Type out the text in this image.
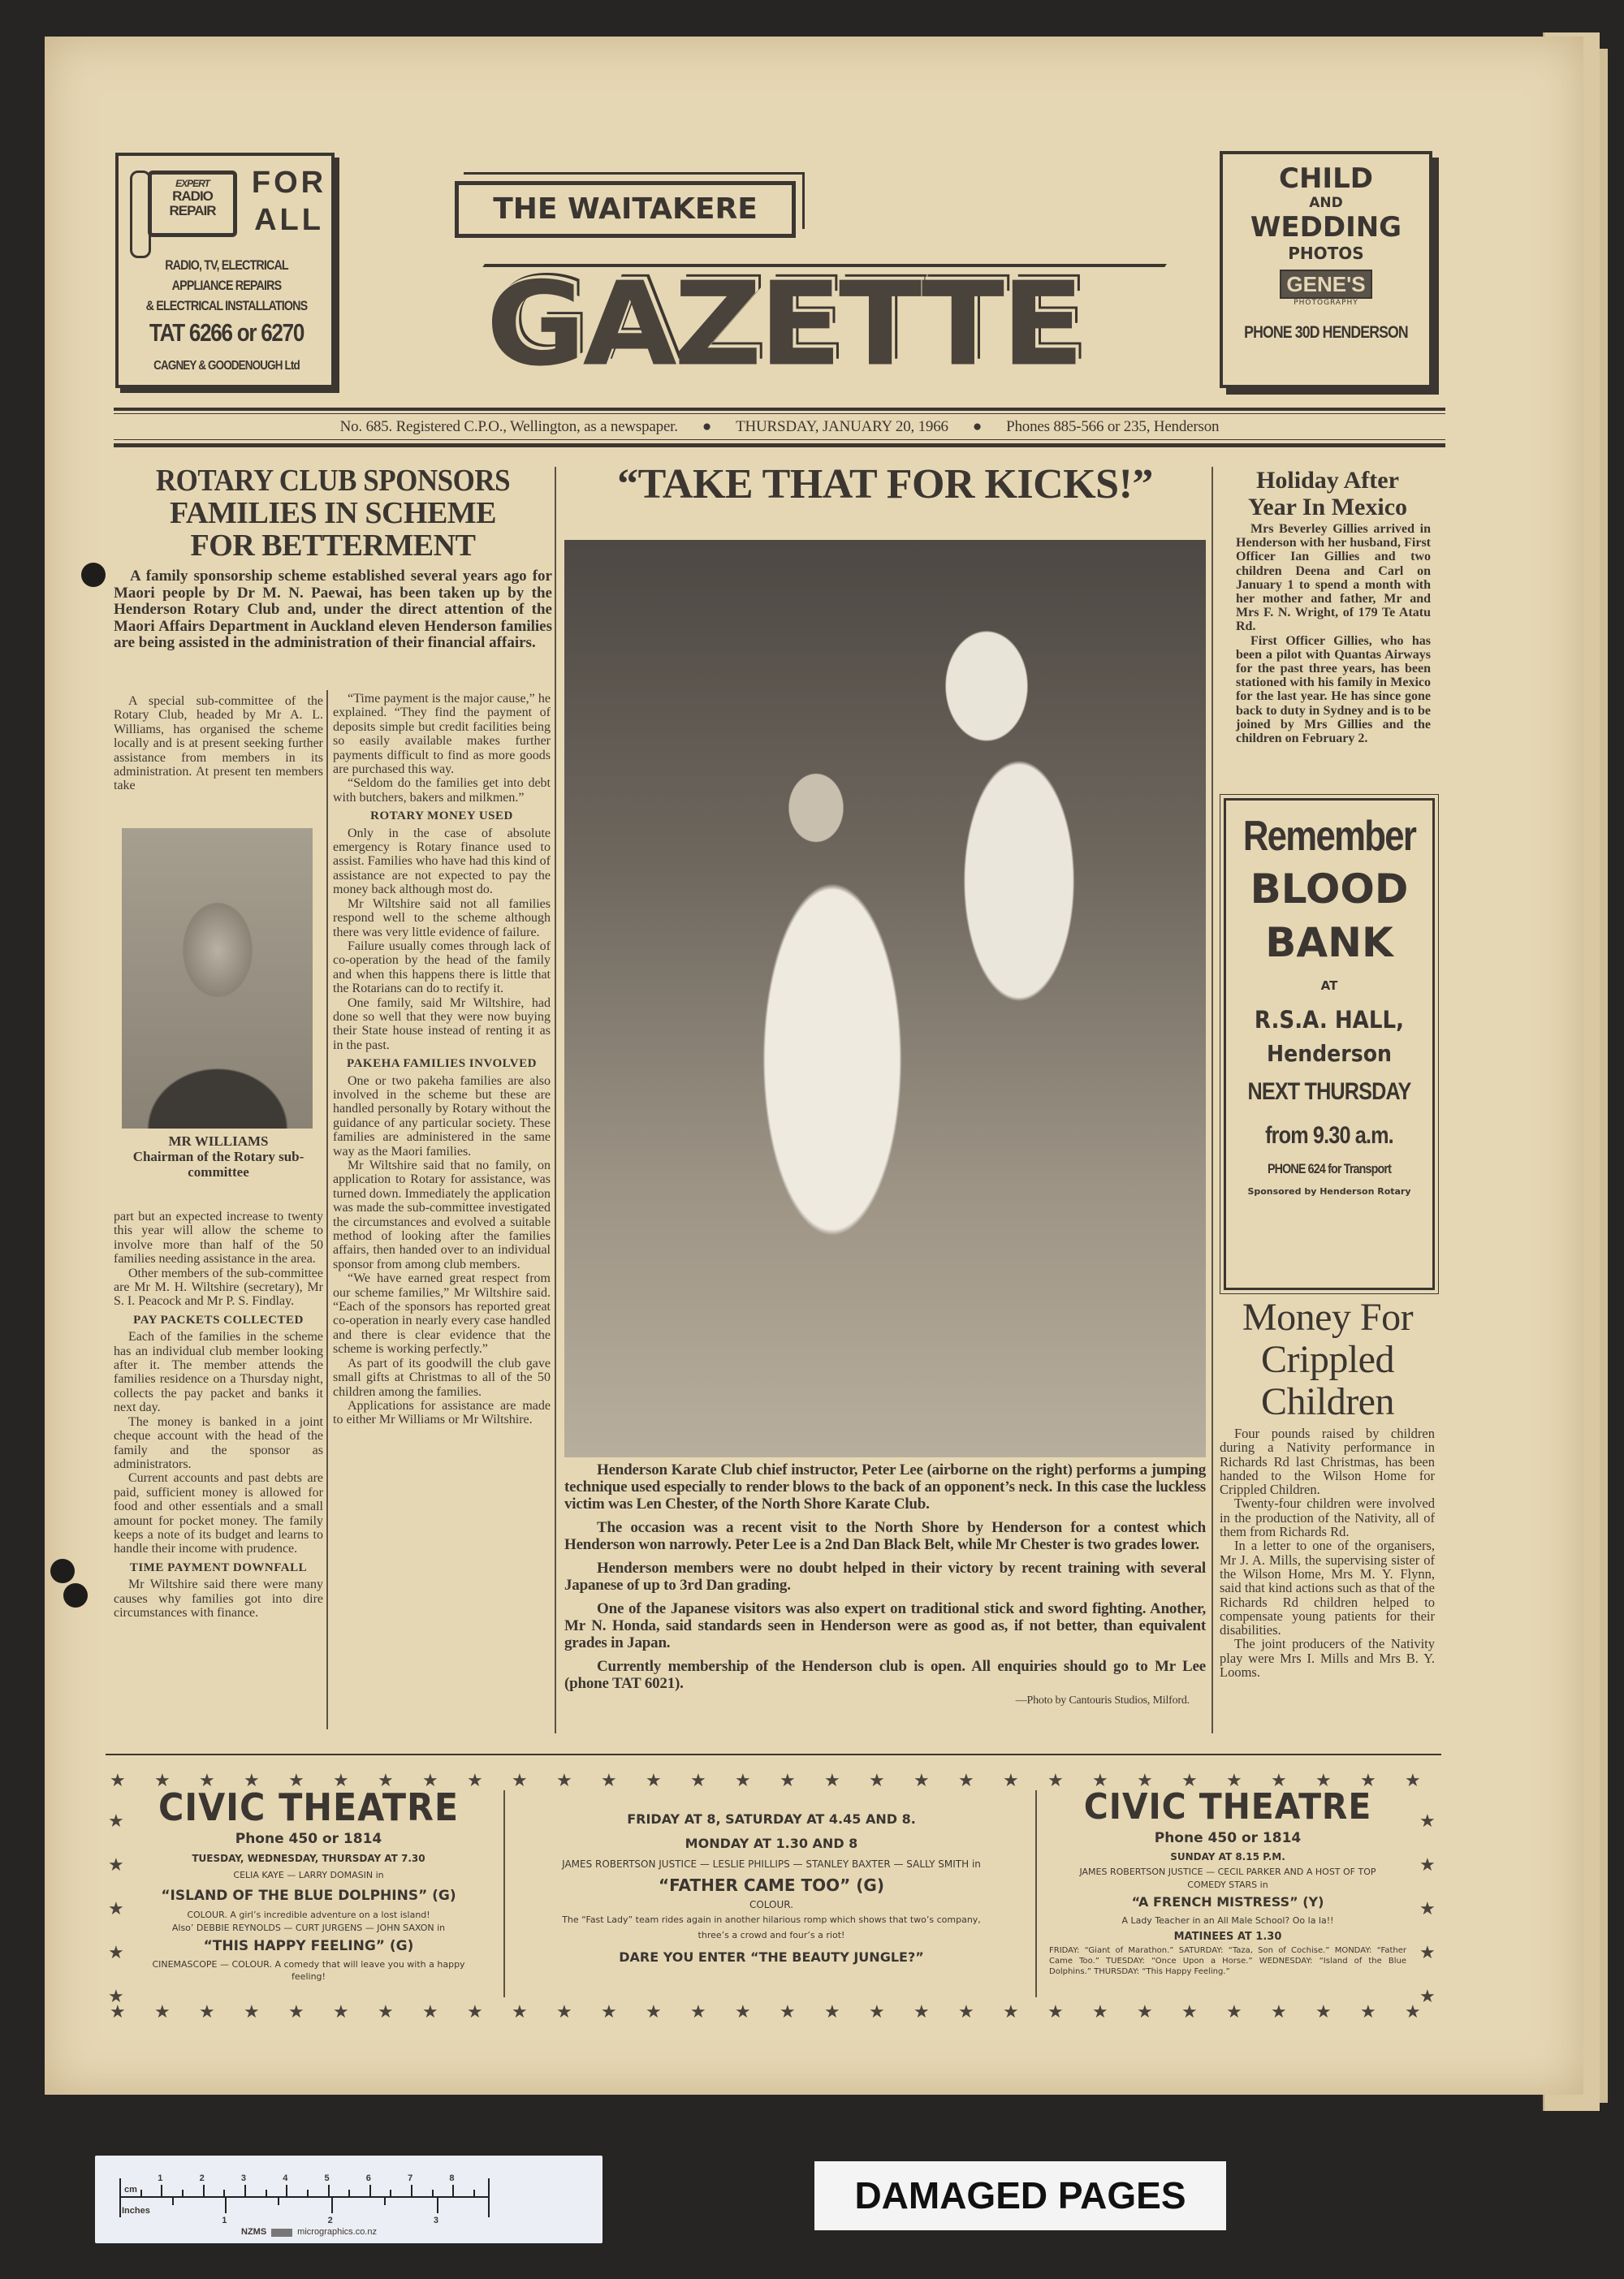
EXPERT
RADIO
REPAIR
FOR
ALL
RADIO, TV, ELECTRICAL
APPLIANCE REPAIRS
& ELECTRICAL INSTALLATIONS
TAT 6266 or 6270
CAGNEY & GOODENOUGH Ltd
THE WAITAKERE
GAZETTE
CHILD
AND
WEDDING
PHOTOS
GENE'S
PHOTOGRAPHY
PHONE 30D HENDERSON
No. 685. Registered C.P.O., Wellington, as a newspaper. ● THURSDAY, JANUARY 20, 1966 ● Phones 885-566 or 235, Henderson
ROTARY CLUB SPONSORS
FAMILIES IN SCHEME
FOR BETTERMENT
A family sponsorship scheme established several years ago for Maori people by Dr M. N. Paewai, has been taken up by the Henderson Rotary Club and, under the direct attention of the Maori Affairs Department in Auckland eleven Henderson families are being assisted in the administration of their financial affairs.

A special sub-committee of the Rotary Club, headed by Mr A. L. Williams, has organised the scheme locally and is at present seeking further assistance from members in its administration. At present ten members take

MR WILLIAMS
Chairman of the Rotary sub-committee

part but an expected increase to twenty this year will allow the scheme to involve more than half of the 50 families needing assistance in the area.

Other members of the sub-committee are Mr M. H. Wiltshire (secretary), Mr S. I. Peacock and Mr P. S. Findlay.

PAY PACKETS COLLECTED

Each of the families in the scheme has an individual club member looking after it. The member attends the families residence on a Thursday night, collects the pay packet and banks it next day.

The money is banked in a joint cheque account with the head of the family and the sponsor as administrators.

Current accounts and past debts are paid, sufficient money is allowed for food and other essentials and a small amount for pocket money. The family keeps a note of its budget and learns to handle their income with prudence.

TIME PAYMENT DOWNFALL

Mr Wiltshire said there were many causes why families got into dire circumstances with finance.

“Time payment is the major cause,” he explained. “They find the payment of deposits simple but credit facilities being so easily available makes further payments difficult to find as more goods are purchased this way.

“Seldom do the families get into debt with butchers, bakers and milkmen.”

ROTARY MONEY USED

Only in the case of absolute emergency is Rotary finance used to assist. Families who have had this kind of assistance are not expected to pay the money back although most do.

Mr Wiltshire said not all families respond well to the scheme although there was very little evidence of failure.

Failure usually comes through lack of co-operation by the head of the family and when this happens there is little that the Rotarians can do to rectify it.

One family, said Mr Wiltshire, had done so well that they were now buying their State house instead of renting it as in the past.

PAKEHA FAMILIES INVOLVED

One or two pakeha families are also involved in the scheme but these are handled personally by Rotary without the guidance of any particular society. These families are administered in the same way as the Maori families.

Mr Wiltshire said that no family, on application to Rotary for assistance, was turned down. Immediately the application was made the sub-committee investigated the circumstances and evolved a suitable method of looking after the families affairs, then handed over to an individual sponsor from among club members.

“We have earned great respect from our scheme families,” Mr Wiltshire said. “Each of the sponsors has reported great co-operation in nearly every case handled and there is clear evidence that the scheme is working perfectly.”

As part of its goodwill the club gave small gifts at Christmas to all of the 50 children among the families.

Applications for assistance are made to either Mr Williams or Mr Wiltshire.

“TAKE THAT FOR KICKS!”

Henderson Karate Club chief instructor, Peter Lee (airborne on the right) performs a jumping technique used especially to render blows to the back of an opponent’s neck. In this case the luckless victim was Len Chester, of the North Shore Karate Club.

The occasion was a recent visit to the North Shore by Henderson for a contest which Henderson won narrowly. Peter Lee is a 2nd Dan Black Belt, while Mr Chester is two grades lower.

Henderson members were no doubt helped in their victory by recent training with several Japanese of up to 3rd Dan grading.

One of the Japanese visitors was also expert on traditional stick and sword fighting. Another, Mr N. Honda, said standards seen in Henderson were as good as, if not better, than equivalent grades in Japan.

Currently membership of the Henderson club is open. All enquiries should go to Mr Lee (phone TAT 6021).

—Photo by Cantouris Studios, Milford.
Holiday After
Year In Mexico

Mrs Beverley Gillies arrived in Henderson with her husband, First Officer Ian Gillies and two children Deena and Carl on January 1 to spend a month with her mother and father, Mr and Mrs F. N. Wright, of 179 Te Atatu Rd.

First Officer Gillies, who has been a pilot with Quantas Airways for the past three years, has been stationed with his family in Mexico for the last year. He has since gone back to duty in Sydney and is to be joined by Mrs Gillies and the children on February 2.

Remember
BLOOD
BANK
AT
R.S.A. HALL,
Henderson
NEXT THURSDAY
from 9.30 a.m.
PHONE 624 for Transport
Sponsored by Henderson Rotary
Money For
Crippled
Children

Four pounds raised by children during a Nativity performance in Richards Rd last Christmas, has been handed to the Wilson Home for Crippled Children.

Twenty-four children were involved in the production of the Nativity, all of them from Richards Rd.

In a letter to one of the organisers, Mr J. A. Mills, the supervising sister of the Wilson Home, Mrs M. Y. Flynn, said that kind actions such as that of the Richards Rd children helped to compensate young patients for their disabilities.

The joint producers of the Nativity play were Mrs I. Mills and Mrs B. Y. Looms.

★
★
★
★
★
★
★
★
★
★
★
★
★
★
★
★
★
★
★
★
★
★
★
★
★
★
★
★
★
★
★
★
★
★
★
★
★
★
★
★
★
★
★
★
★
★
★
★
★
★
★
★
★
★
★
★
★
★
★
★
★	★
★	★
★	★
★	★
★	★
CIVIC THEATRE
Phone 450 or 1814
TUESDAY, WEDNESDAY, THURSDAY AT 7.30
CELIA KAYE — LARRY DOMASIN in
“ISLAND OF THE BLUE DOLPHINS” (G)
COLOUR. A girl’s incredible adventure on a lost island!
Also’ DEBBIE REYNOLDS — CURT JURGENS — JOHN SAXON in
“THIS HAPPY FEELING” (G)
CINEMASCOPE — COLOUR. A comedy that will leave you with a happy feeling!
FRIDAY AT 8, SATURDAY AT 4.45 AND 8.
MONDAY AT 1.30 AND 8
JAMES ROBERTSON JUSTICE — LESLIE PHILLIPS — STANLEY BAXTER — SALLY SMITH in
“FATHER CAME TOO” (G)
COLOUR.
The “Fast Lady” team rides again in another hilarious romp which shows that two’s company, three’s a crowd and four’s a riot!
DARE YOU ENTER “THE BEAUTY JUNGLE?”
CIVIC THEATRE
Phone 450 or 1814
SUNDAY AT 8.15 P.M.
JAMES ROBERTSON JUSTICE — CECIL PARKER AND A HOST OF TOP COMEDY STARS in
“A FRENCH MISTRESS” (Y)
A Lady Teacher in an All Male School? Oo la la!!
MATINEES AT 1.30
FRIDAY: “Giant of Marathon.” SATURDAY: “Taza, Son of Cochise.” MONDAY: “Father Came Too.” TUESDAY: “Once Upon a Horse.” WEDNESDAY: “Island of the Blue Dolphins.” THURSDAY: “This Happy Feeling.”
cm
Inches
1	2	3	4	5	6	7	8
1	2	3
NZMS	micrographics.co.nz
DAMAGED PAGES
